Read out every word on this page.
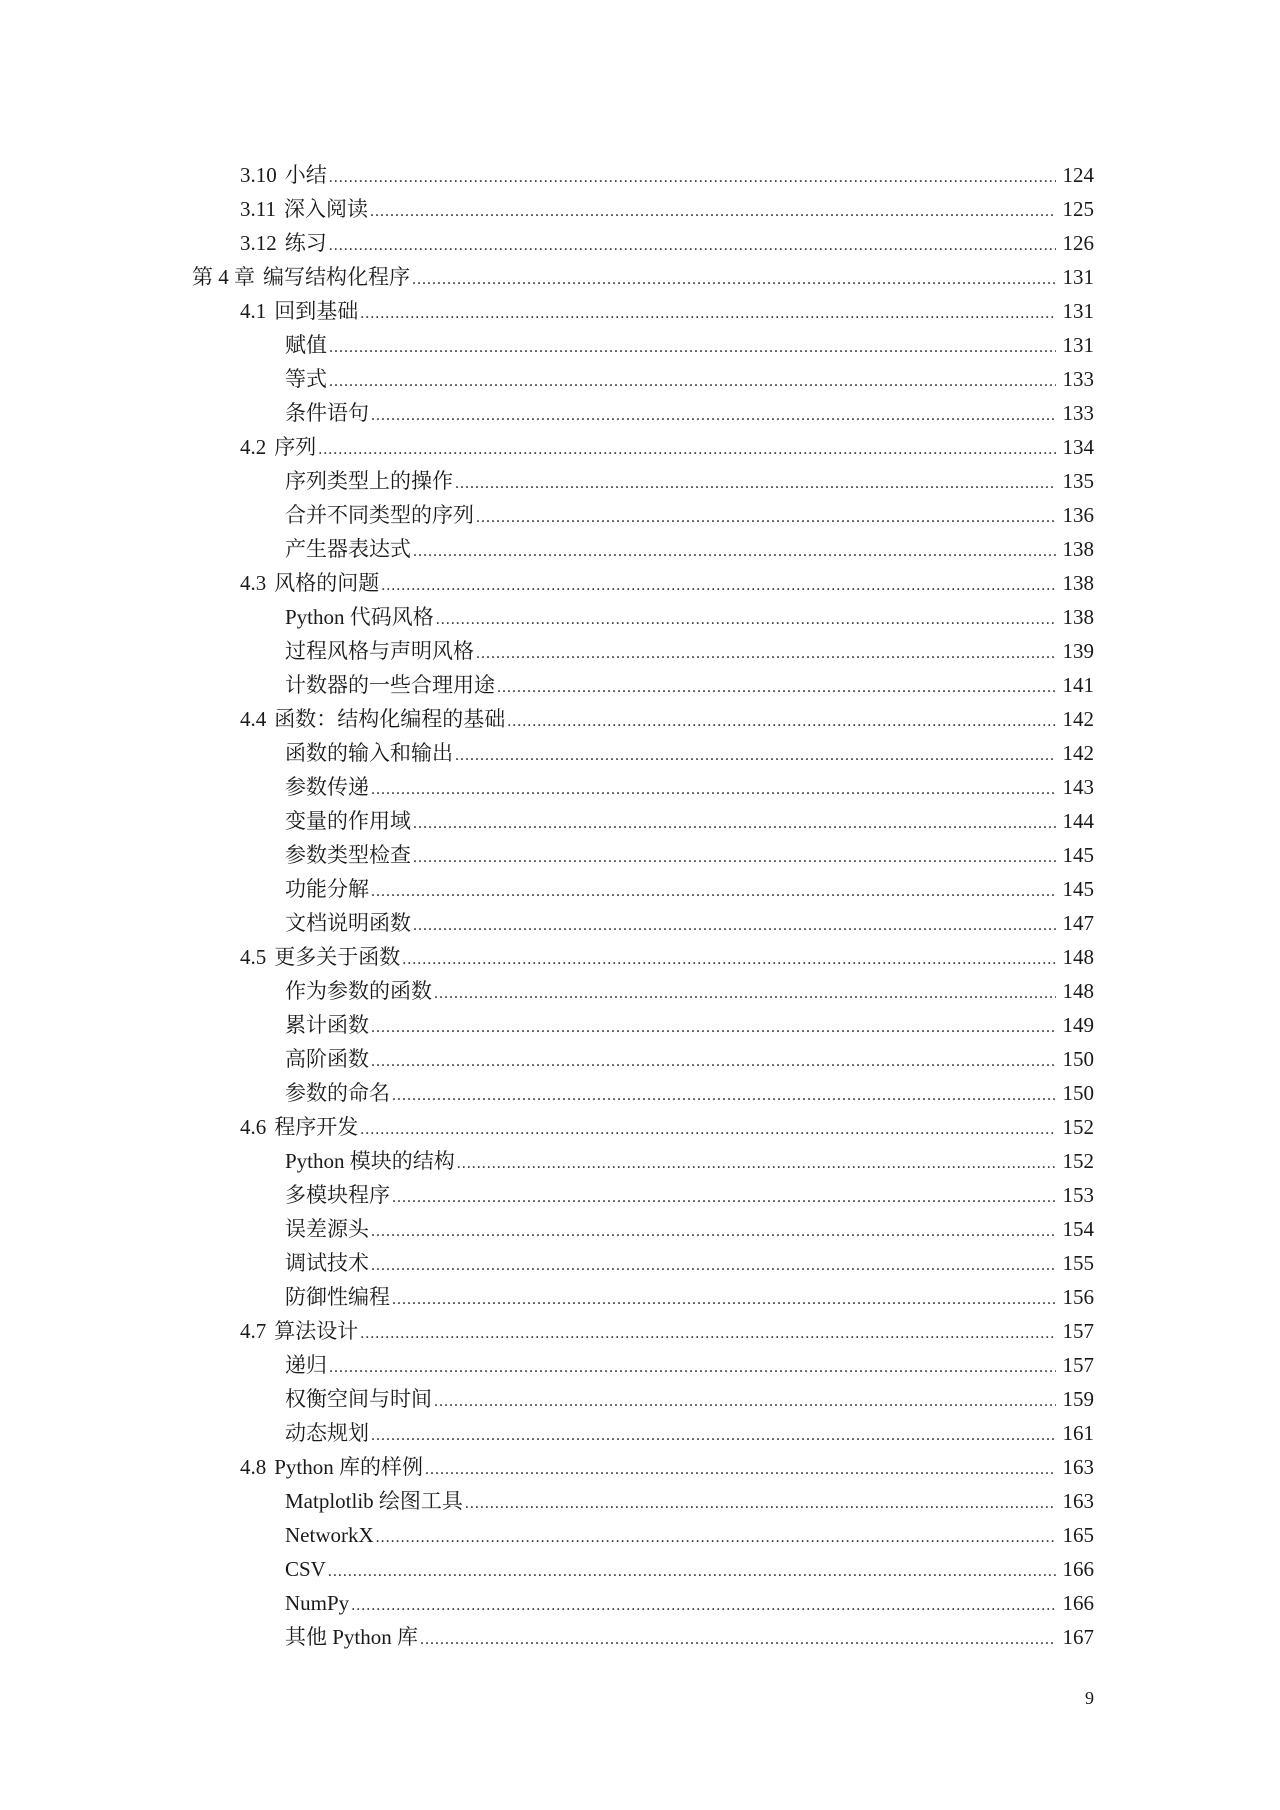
3.10 小结 .....	124
3.11 深入阅读 .....	125
3.12 练习 .....	126
第 4 章 编写结构化程序 .....	131
4.1 回到基础 .....	131
赋值 .....	131
等式 .....	133
条件语句 .....	133
4.2 序列 .....	134
序列类型上的操作 .....	135
合并不同类型的序列 .....	136
产生器表达式 .....	138
4.3 风格的问题 .....	138
Python 代码风格 .....	138
过程风格与声明风格 .....	139
计数器的一些合理用途 .....	141
4.4 函数：结构化编程的基础 .....	142
函数的输入和输出 .....	142
参数传递 .....	143
变量的作用域 .....	144
参数类型检查 .....	145
功能分解 .....	145
文档说明函数 .....	147
4.5 更多关于函数 .....	148
作为参数的函数 .....	148
累计函数 .....	149
高阶函数 .....	150
参数的命名 .....	150
4.6 程序开发 .....	152
Python 模块的结构 .....	152
多模块程序 .....	153
误差源头 .....	154
调试技术 .....	155
防御性编程 .....	156
4.7 算法设计 .....	157
递归 .....	157
权衡空间与时间 .....	159
动态规划 .....	161
4.8 Python 库的样例 .....	163
Matplotlib 绘图工具 .....	163
NetworkX .....	165
CSV .....	166
NumPy .....	166
其他 Python 库 .....	167
9
